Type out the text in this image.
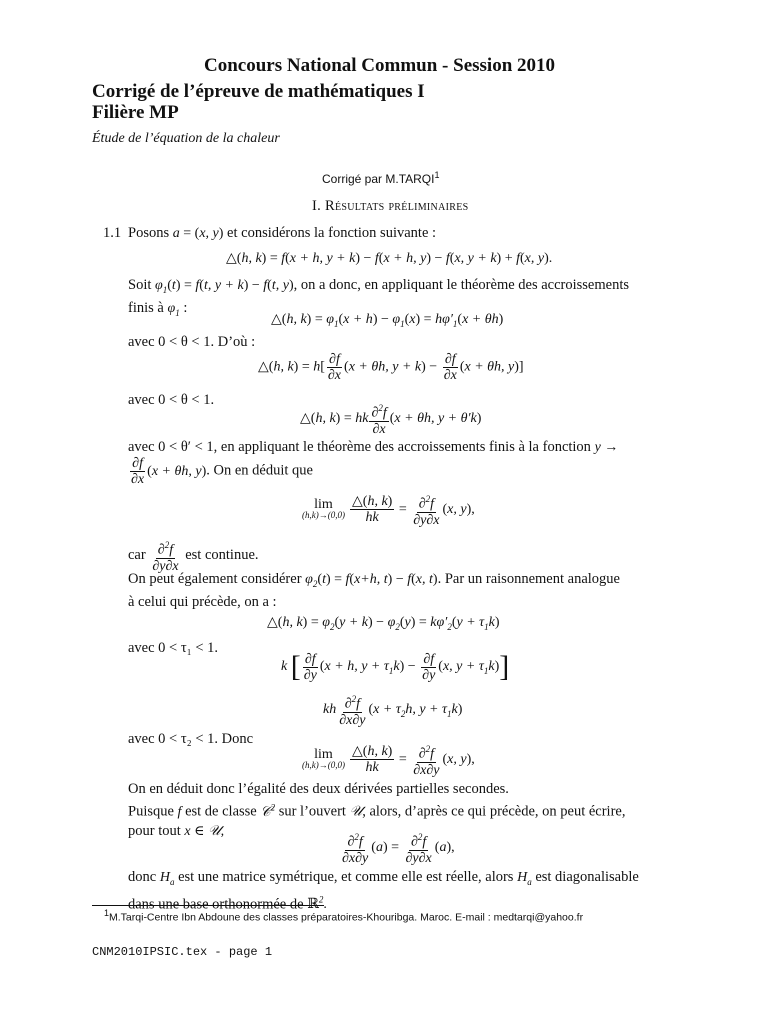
Concours National Commun - Session 2010
Corrigé de l’épreuve de mathématiques I
Filière MP
Étude de l’équation de la chaleur
Corrigé par M.TARQI$^1$
I. Résultats préliminaires
1.1 Posons a = (x, y) et considérons la fonction suivante :
△(h, k) = f(x + h, y + k) − f(x + h, y) − f(x, y + k) + f(x, y).
Soit $\varphi_1(t) = f(t$, y + k) − f(t, y), on a donc, en appliquant le théorème des accroissements
finis à $\varphi_1$ :
△(h, $k) = \varphi_1(x + h) - \varphi_1(x) = h\varphi'_1(x + \theta h)$
avec 0 < θ < 1. D’où :
△(h, $k) = h[ \frac{\partial f}{\partial x} (x + \theta h$, $y + k) - \frac{\partial f}{\partial x} (x + \theta h$, y)]
avec 0 < θ < 1.
△(h, k) = hk $\frac{\partial^2f}{\partial x} (x + \theta h$, y + θ′k)
avec 0 < θ′ < 1, en appliquant le théorème des accroissements finis à la fonction y →
$\frac{\partial f}{\partial x} (x + \theta h$, y). On en déduit que
lim
$(h,k)\to(0,0) \frac{\triangle(h, k)}{hk} = \frac{\partial^2f}{\partial y\partial x} (x$, y),
car $\frac{\partial^2f}{\partial y\partial x}$ est continue.
On peut également considérer $\varphi_2(t) = f(x+h$, t) − f(x, t). Par un raisonnement analogue
à celui qui précède, on a :
△(h, $k) = \varphi_2(y + k) - \varphi_2(y) = k\varphi'_2(y + \tau_1k)$
avec 0 < τ₁ < 1.
k [ $\frac{\partial f}{\partial y} (x + h$, $y + \tau_1k) - \frac{\partial f}{\partial y} (x$, $y + \tau_1k$)]
kh $\frac{\partial^2f}{\partial x\partial y} (x + \tau_2h$, $y + \tau_1k$)
avec 0 < τ₂ < 1. Donc
lim
$(h,k)\to(0,0) \frac{\triangle(h, k)}{hk} = \frac{\partial^2f}{\partial x\partial y} (x$, y),
On en déduit donc l’égalité des deux dérivées partielles secondes.
Puisque f est de classe 𝒞$^2$ sur l’ouvert 𝒰, alors, d’après ce qui précède, on peut écrire,
pour tout x ∈ 𝒰,	$\frac{\partial^2f}{\partial x\partial y} (a) = \frac{\partial^2f}{\partial y\partial x} (a)$,
donc $H_a$ est une matrice symétrique, et comme elle est réelle, alors $H_a$ est diagonalisable
dans une base orthonormée de ℝ$^2$.
$^1$M.Tarqi-Centre Ibn Abdoune des classes préparatoires-Khouribga. Maroc. E-mail : medtarqi@yahoo.fr
CNM2010IPSIC.tex - page 1
